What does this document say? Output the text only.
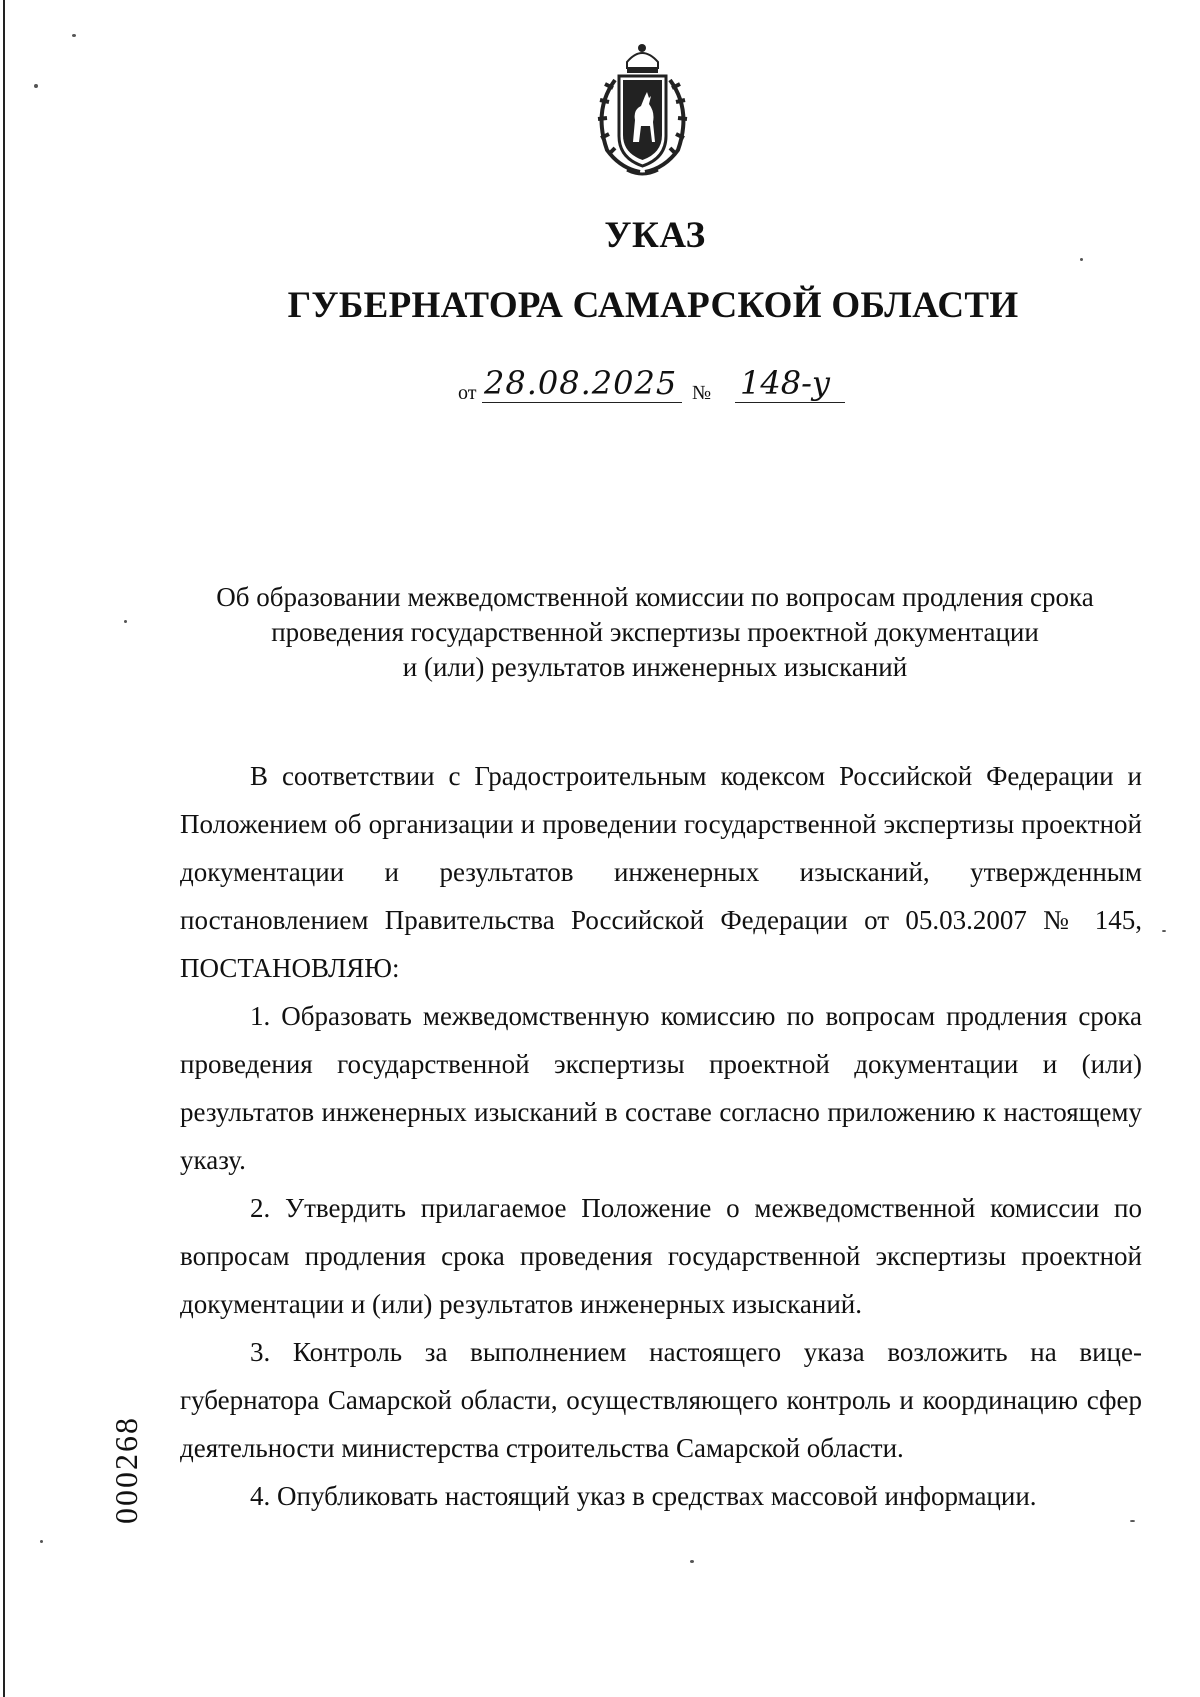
УКАЗ
ГУБЕРНАТОРА САМАРСКОЙ ОБЛАСТИ
от 28.08.2025 № 148-у
Об образовании межведомственной комиссии по вопросам продления срока
проведения государственной экспертизы проектной документации
и (или) результатов инженерных изысканий

В соответствии с Градостроительным кодексом Российской Федерации и Положением об организации и проведении государственной экспертизы проектной документации и результатов инженерных изысканий, утвержденным постановлением Правительства Российской Федерации от 05.03.2007 № 145, ПОСТАНОВЛЯЮ:

1. Образовать межведомственную комиссию по вопросам продления срока проведения государственной экспертизы проектной документации и (или) результатов инженерных изысканий в составе согласно приложению к настоящему указу.

2. Утвердить прилагаемое Положение о межведомственной комиссии по вопросам продления срока проведения государственной экспертизы проектной документации и (или) результатов инженерных изысканий.

3. Контроль за выполнением настоящего указа возложить на вице-губернатора Самарской области, осуществляющего контроль и координацию сфер деятельности министерства строительства Самарской области.

4. Опубликовать настоящий указ в средствах массовой информации.

000268
